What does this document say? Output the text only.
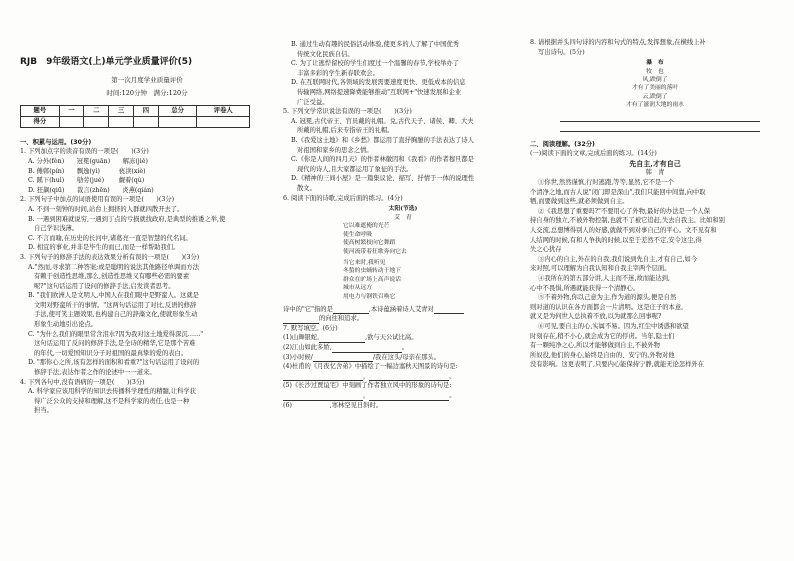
RJB　9年级语文(上)单元学业质量评价(5)
第一次月度学业质量评价
时间:120分钟　满分:120分
题号	一	二	三	四	总分	评卷人
得分						
一、积累与运用。(30分)

1. 下列加点字的读音有误的一项是(　　)(3分)

A. 分外(fèn)　　冠冕(guān)　　解冻(jiě)

B. 傩郸(pín)　　飘逸(yì)　　　亵渎(xiè)

C. 蹊下(huì)　　劬劳(jué)　　 觑着(qù)

D. 狂飙(qiū)　　裁言(zhēn)　　炎燕(qián)

2. 下列句子中加点的词语使用有误的一项是(　　)(3分)

A. 不到一刻钟的时间,站台上拥挤的人群就四散开去了。

B. 一遇到困难就说穷,一遇到丁点的亏损就找政府,是典型的推诿之举,使

自己学识浅薄。

C. 不言而喻,在历史的长河中,诸葛亮一直是智慧的代名词。

D. 相宜的事业,并非是毕生的而已,而是一样帮助我们。

3. 下列句子的修辞手法的表达效果分析有误的一项是(　　)(3分)

A."然而,寻求第二种答案;或是聪明的说法其他路径单调而方法

有赖于创造性思维,那么,创造性思维又有哪些必需的要素

呢?"这句话运用了设问的修辞手法,启发读者思考。

B. "我们欧洲人是文明人,中国人在我们眼中是野蛮人。这就是

文明对野蛮所干的事情。"这两句话运用了对比,反语的修辞

手法,使可笑主题效果,也构建自己的辞藻文化,使就形象生动

形象生动地引出论点。

C. "为什么我们的眼里常含泪水?因为我对这土地爱得深沉……"

这句话运用了反问的修辞手法,是全诗的精华,它是那个苦难

的年代,一切爱国知识分子对祖国的最真挚的爱的表白。

D. "那你心之所,该有怎样的面积和看重?"这句话运用了设问的

修辞手法,表达作者之作的论述中一一道来。

4. 下列各句中,没有语病的一项是(　　)(3分)

A. 科学家应该用科学的知识去传播科学理性的精髓,让科学获

得广泛公众的支持和理解,这不是科学家的责任,也是一种

担当。

B. 通过生动有趣的民俗活动体验,使更多的人了解了中国优秀

传统文化民族自信。

C. 为了让逃悍留校的学生们度过一个温馨的春节,学校举办了

丰富多彩的学生新春联欢会。

D. 在互联网时代,各领域的发展需要速度更快、更低成本的信息

传输网络,网络提速降费能够推动"互联网+"快速发展和企业

广泛受益。

5. 下列文学常识说法有误的一项是(　　)(3分)

A. 冠冕,古代帝王、官员戴的礼帽。兑,古代天子、诸侯、卿、大夫

所戴的礼帽,后来专指帝王的礼帽。

B.《我爱这土地》和《乡愁》都运用了直抒胸臆的手法表达了诗人

对祖国和家乡的思念之情。

C.《你是人间的四月天》的作者林徽因和《我看》的作者穆旦都是

现代的诗人,且大家都运用了象征的手法。

D.《精神的三间小屋》是一篇集议论、描写、抒情于一体的说理性

散文。

6. 阅读下面的诗歌,完成后面的练习。(4分)

太阳(节选)
艾　青
它以难遮掩的光芒
使生命呼吸
使高树繁枝向它舞蹈
使河流带着狂歌奔向它去
当它来时,我听见
冬蛰的虫蛹转动于地下
群众在旷场上高声说话
城市从远方
用电力与钢铁召唤它

诗中的"它"指的是	,本诗蕴涵着诗人艾青对

的向往和追求。

7. 默写填空。(6分)

(1)山舞银蛇,	,欲与天公试比高。

(2)江山如此多娇,	。

(3)小时候/	/我在这头/母亲在那头。

(4)杜甫的《月夜忆舍弟》中描绘了一幅边塞秋天图景的诗句是:

，	。

(5)《长沙过贾谊宅》中刻画了作者独立风中的形象的诗句是:

，	。

(6)　　　　　　,寒林空见日斜时。

8. 请根据并头四句诗的内容和句式的特点,发挥想象,在横线上补

写出诗句。(5分)

瀑　布
牧　也
风,跌倒了
才有了美丽的落叶
云,跌倒了
才有了滋润大地的雨水
二、阅读理解。(32分)

(一)阅读下面的文章,完成后面的练习。(14分)

先自主,才有自己
韩　青

①你世,然然谨慎,行时逃跑,等等,显然,它不是一个

个清净之地,而古人说"闭门即是深山",我们只能回中间靠,向中取

牺,而要做到这些,就必须做到自主。

②《我思想了重要吗?"不要用心了外物,最好的办法是一个人保

持自身的独立,不被外物控制,也就不了被它追赶,失去自我主。比如和别

人交流,总想博得别人的好感,就做不到对事自己的平心。文不见有和

人结网的时候,有和人争执的时候,以至于差然不定,安令这尘,得

失之心犹存

③内心的自主,外在的自我,我们说到先自主,才有自己,如今

来对照,可以理解为自我认知和自我主宰两个层面。

④我所在的第五部分讲,人主而不迷,故而能达到,

心中不畏惧,所遇就能获得一个清静心。

⑤不着外物,你以己意为主,作为道的源头,便是自然

则对道的认识在各方面都会一片清明。这是庄子的本意,

就又是为何世人总执着不放,以为就那么回事呢?

⑥可见,要自主的心,实属不易。因为,红尘中诱惑和欲望

时刻存在,稍不小心,就会成为它的俘虏。当年,隐士们

有一颗纯净之心,所以才能够做到自主,不被外物

所奴役,他们的身心,始终是自由的、安宁的,外物对他

没有影响。这更表明了,只要内心能保持宁静,就能无论怎样外在
